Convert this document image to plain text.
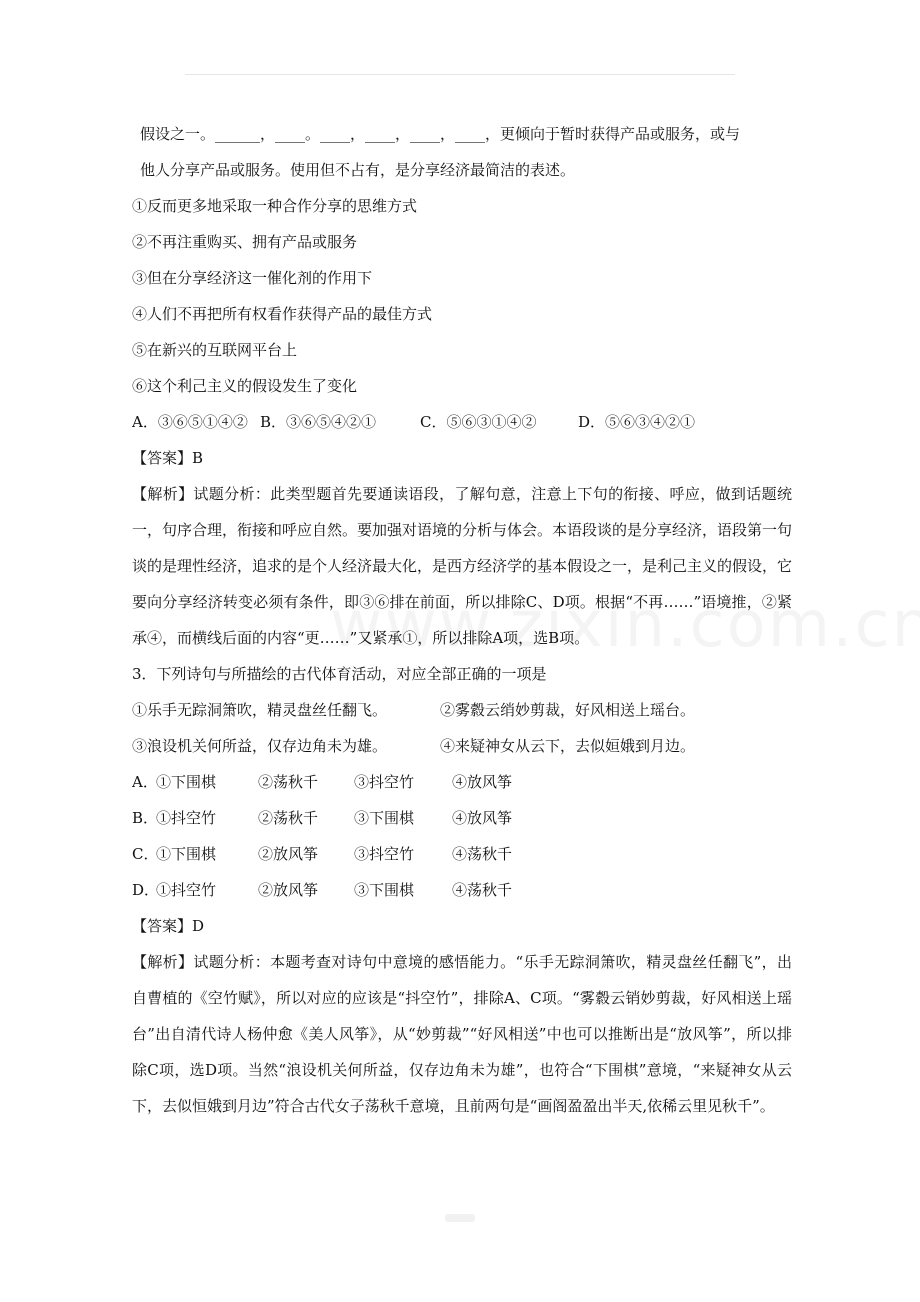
假设之一。______，____。____，____，____，____，更倾向于暂时获得产品或服务，或与
他人分享产品或服务。使用但不占有，是分享经济最简洁的表述。
①反而更多地采取一种合作分享的思维方式
②不再注重购买、拥有产品或服务
③但在分享经济这一催化剂的作用下
④人们不再把所有权看作获得产品的最佳方式
⑤在新兴的互联网平台上
⑥这个利己主义的假设发生了变化
A．③⑥⑤①④② B．③⑥⑤④②①	C．⑤⑥③①④②	D．⑤⑥③④②①
【答案】B
【解析】试题分析：此类型题首先要通读语段，了解句意，注意上下句的衔接、呼应，做到话题统一，句序合理，衔接和呼应自然。要加强对语境的分析与体会。本语段谈的是分享经济，语段第一句谈的是理性经济，追求的是个人经济最大化，是西方经济学的基本假设之一，是利己主义的假设，它要向分享经济转变必须有条件，即③⑥排在前面，所以排除C、D项。根据“不再……”语境推，②紧承④，而横线后面的内容“更……”又紧承①，所以排除A项，选B项。
3．下列诗句与所描绘的古代体育活动，对应全部正确的一项是
①乐手无踪洞箫吹，精灵盘丝任翻飞。	②雾縠云绡妙剪裁，好风相送上瑶台。
③浪设机关何所益，仅存边角未为雄。	④来疑神女从云下，去似姮娥到月边。
A．①下围棋	②荡秋千 ③抖空竹	④放风筝
B．①抖空竹	②荡秋千 ③下围棋	④放风筝
C．①下围棋	②放风筝 ③抖空竹	④荡秋千
D．①抖空竹	②放风筝 ③下围棋	④荡秋千
【答案】D
【解析】试题分析：本题考查对诗句中意境的感悟能力。“乐手无踪洞箫吹，精灵盘丝任翻飞”，出自曹植的《空竹赋》，所以对应的应该是“抖空竹”，排除A、C项。“雾縠云销妙剪裁，好风相送上瑶台”出自清代诗人杨仲愈《美人风筝》，从“妙剪裁”“好风相送”中也可以推断出是“放风筝”，所以排除C项，选D项。当然“浪设机关何所益，仅存边角未为雄”，也符合“下围棋”意境，“来疑神女从云下，去似恒娥到月边”符合古代女子荡秋千意境，且前两句是“画阁盈盈出半天,依稀云里见秋千”。
